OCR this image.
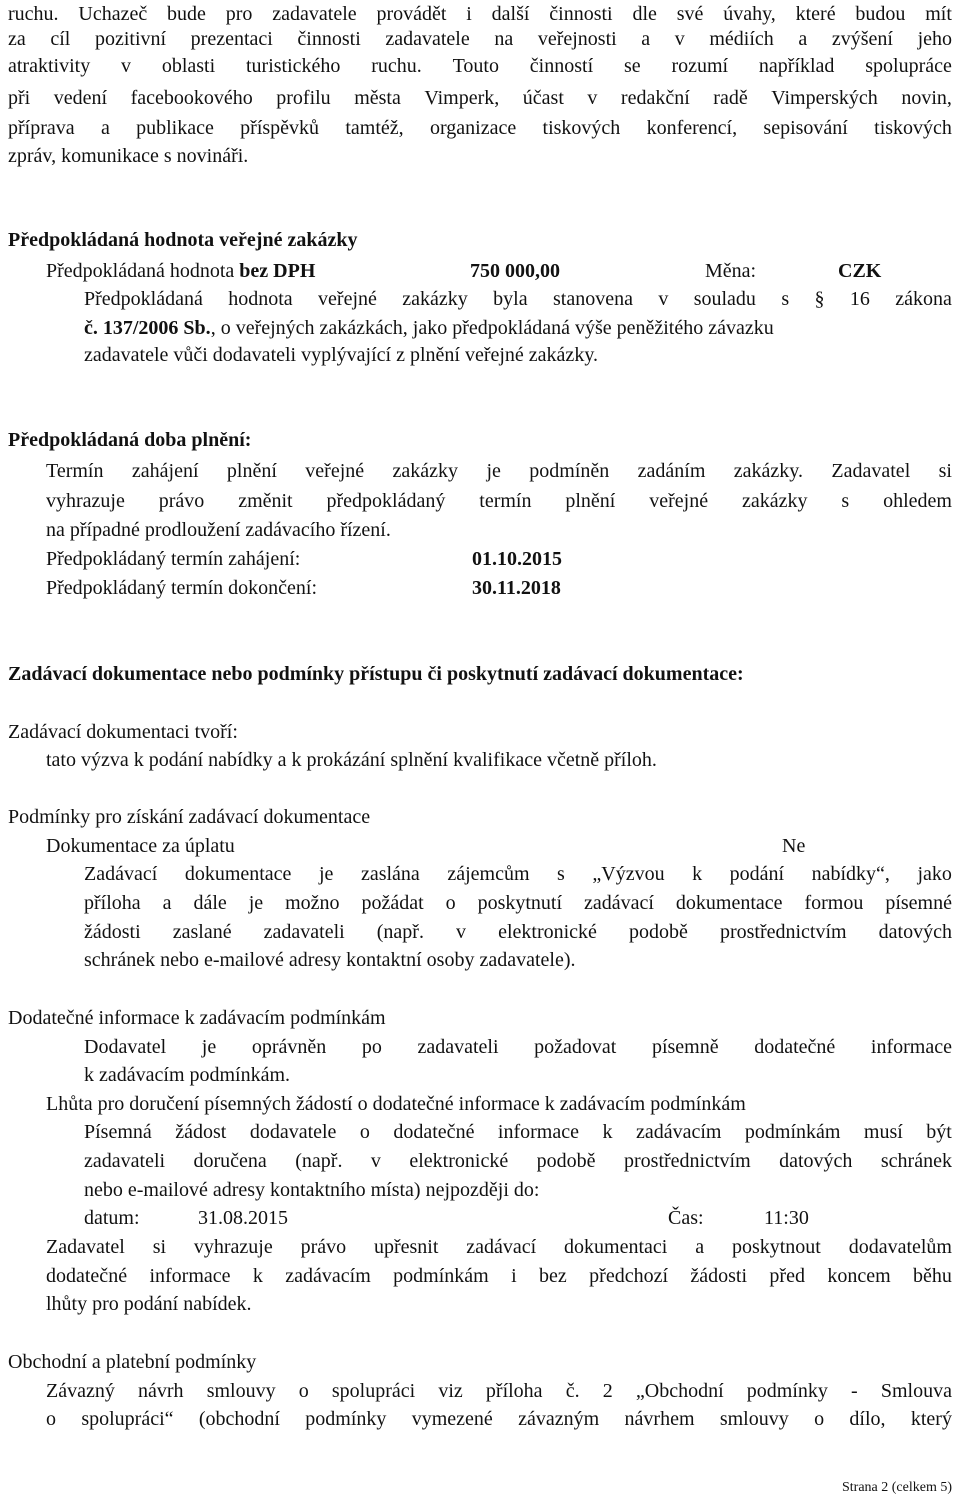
ruchu. Uchazeč bude pro zadavatele provádět i další činnosti dle své úvahy, které budou mít
za cíl pozitivní prezentaci činnosti zadavatele na veřejnosti a v médiích a zvýšení jeho
atraktivity v oblasti turistického ruchu. Touto činností se rozumí například spolupráce
při vedení facebookového profilu města Vimperk, účast v redakční radě Vimperských novin,
příprava a publikace příspěvků tamtéž, organizace tiskových konferencí, sepisování tiskových
zpráv, komunikace s novináři.
Předpokládaná hodnota veřejné zakázky
Předpokládaná hodnota bez DPH	750 000,00	Měna:	CZK
Předpokládaná hodnota veřejné zakázky byla stanovena v souladu s § 16 zákona
č. 137/2006 Sb., o veřejných zakázkách, jako předpokládaná výše peněžitého závazku
zadavatele vůči dodavateli vyplývající z plnění veřejné zakázky.
Předpokládaná doba plnění:
Termín zahájení plnění veřejné zakázky je podmíněn zadáním zakázky. Zadavatel si
vyhrazuje právo změnit předpokládaný termín plnění veřejné zakázky s ohledem
na případné prodloužení zadávacího řízení.
Předpokládaný termín zahájení:	01.10.2015
Předpokládaný termín dokončení:	30.11.2018
Zadávací dokumentace nebo podmínky přístupu či poskytnutí zadávací dokumentace:
Zadávací dokumentaci tvoří:
tato výzva k podání nabídky a k prokázání splnění kvalifikace včetně příloh.
Podmínky pro získání zadávací dokumentace
Dokumentace za úplatu	Ne
Zadávací dokumentace je zaslána zájemcům s „Výzvou k podání nabídky“, jako
příloha a dále je možno požádat o poskytnutí zadávací dokumentace formou písemné
žádosti zaslané zadavateli (např. v elektronické podobě prostřednictvím datových
schránek nebo e-mailové adresy kontaktní osoby zadavatele).
Dodatečné informace k zadávacím podmínkám
Dodavatel je oprávněn po zadavateli požadovat písemně dodatečné informace
k zadávacím podmínkám.
Lhůta pro doručení písemných žádostí o dodatečné informace k zadávacím podmínkám
Písemná žádost dodavatele o dodatečné informace k zadávacím podmínkám musí být
zadavateli doručena (např. v elektronické podobě prostřednictvím datových schránek
nebo e-mailové adresy kontaktního místa) nejpozději do:
datum:	31.08.2015	Čas:	11:30
Zadavatel si vyhrazuje právo upřesnit zadávací dokumentaci a poskytnout dodavatelům
dodatečné informace k zadávacím podmínkám i bez předchozí žádosti před koncem běhu
lhůty pro podání nabídek.
Obchodní a platební podmínky
Závazný návrh smlouvy o spolupráci viz příloha č. 2 „Obchodní podmínky - Smlouva
o spolupráci“ (obchodní podmínky vymezené závazným návrhem smlouvy o dílo, který
Strana 2 (celkem 5)
